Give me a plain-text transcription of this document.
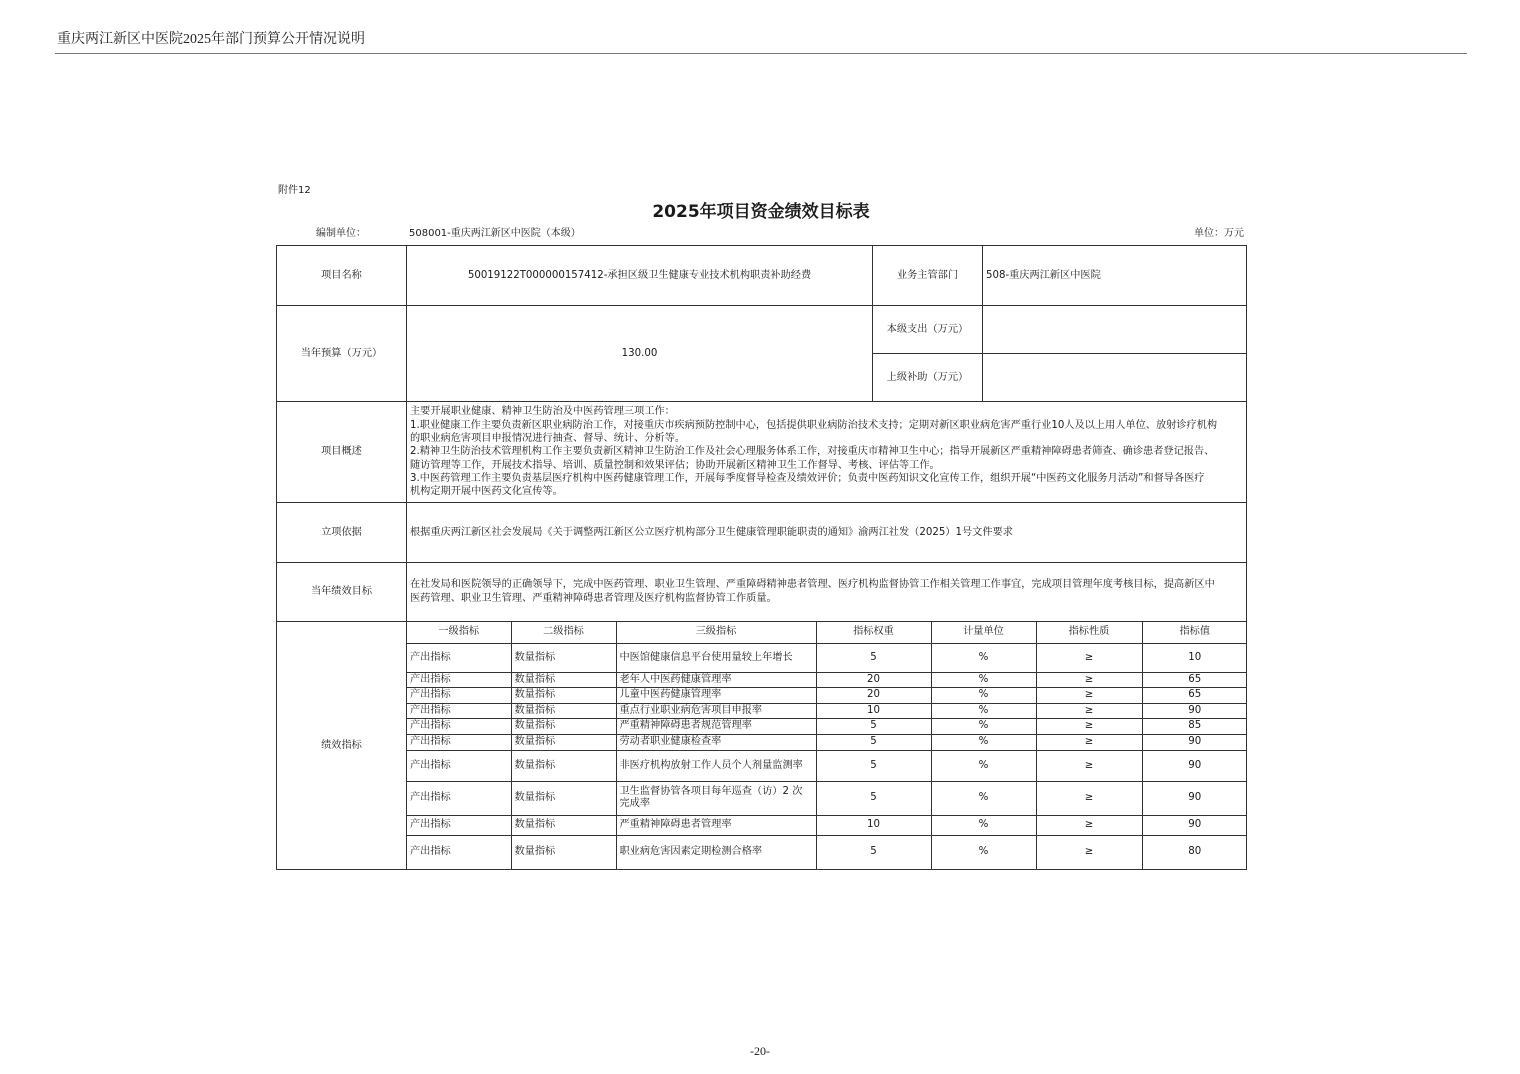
重庆两江新区中医院2025年部门预算公开情况说明
附件12
2025年项目资金绩效目标表
编制单位：	508001-重庆两江新区中医院（本级）	单位：万元
项目名称	50019122T000000157412-承担区级卫生健康专业技术机构职责补助经费	业务主管部门	508-重庆两江新区中医院
当年预算（万元）	130.00	本级支出（万元）	
上级补助（万元）	
项目概述	
主要开展职业健康、精神卫生防治及中医药管理三项工作：
1.职业健康工作主要负责新区职业病防治工作，对接重庆市疾病预防控制中心，包括提供职业病防治技术支持；定期对新区职业病危害严重行业10人及以上用人单位、放射诊疗机构
的职业病危害项目申报情况进行抽查、督导、统计、分析等。
2.精神卫生防治技术管理机构工作主要负责新区精神卫生防治工作及社会心理服务体系工作，对接重庆市精神卫生中心；指导开展新区严重精神障碍患者筛查、确诊患者登记报告、
随访管理等工作，开展技术指导、培训、质量控制和效果评估；协助开展新区精神卫生工作督导、考核、评估等工作。
3.中医药管理工作主要负责基层医疗机构中医药健康管理工作，开展每季度督导检查及绩效评价；负责中医药知识文化宣传工作，组织开展“中医药文化服务月活动”和督导各医疗
机构定期开展中医药文化宣传等。

立项依据	根据重庆两江新区社会发展局《关于调整两江新区公立医疗机构部分卫生健康管理职能职责的通知》渝两江社发（2025）1号文件要求
当年绩效目标	
在社发局和医院领导的正确领导下，完成中医药管理、职业卫生管理、严重障碍精神患者管理、医疗机构监督协管工作相关管理工作事宜，完成项目管理年度考核目标，提高新区中
医药管理、职业卫生管理、严重精神障碍患者管理及医疗机构监督协管工作质量。

绩效指标	
一级指标	二级指标	三级指标	指标权重	计量单位	指标性质	指标值
产出指标	数量指标	中医馆健康信息平台使用量较上年增长	5	%	≥	10
产出指标	数量指标	老年人中医药健康管理率	20	%	≥	65
产出指标	数量指标	儿童中医药健康管理率	20	%	≥	65
产出指标	数量指标	重点行业职业病危害项目申报率	10	%	≥	90
产出指标	数量指标	严重精神障碍患者规范管理率	5	%	≥	85
产出指标	数量指标	劳动者职业健康检查率	5	%	≥	90
产出指标	数量指标	非医疗机构放射工作人员个人剂量监测率	5	%	≥	90
产出指标	数量指标	卫生监督协管各项目每年巡查（访）2 次完成率	5	%	≥	90
产出指标	数量指标	严重精神障碍患者管理率	10	%	≥	90
产出指标	数量指标	职业病危害因素定期检测合格率	5	%	≥	80
-20-
